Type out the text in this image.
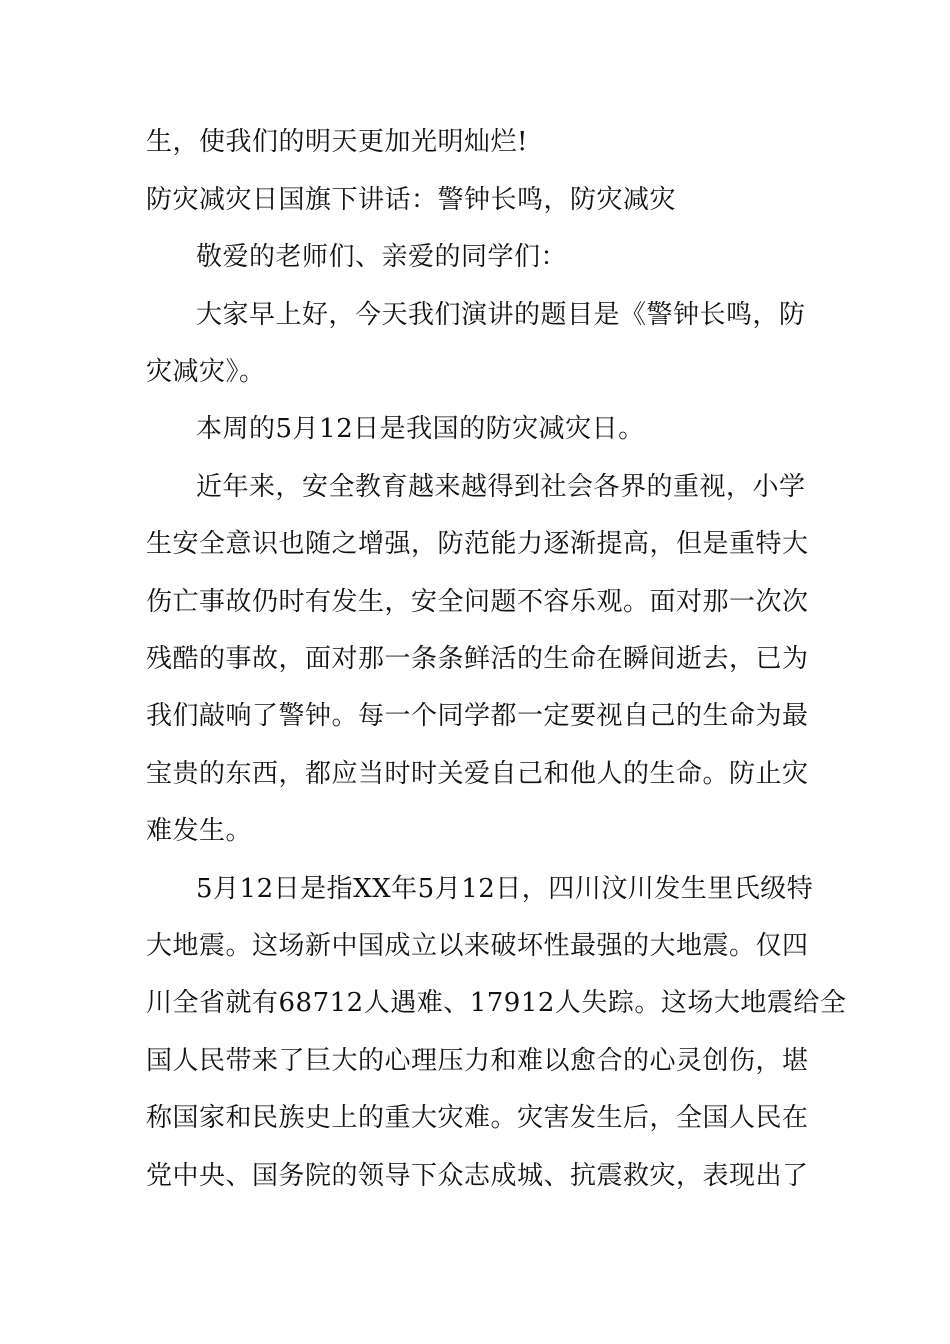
生，使我们的明天更加光明灿烂!
防灾减灾日国旗下讲话：警钟长鸣，防灾减灾
敬爱的老师们、亲爱的同学们：
大家早上好，今天我们演讲的题目是《警钟长鸣，防
灾减灾》。
本周的5月12日是我国的防灾减灾日。
近年来，安全教育越来越得到社会各界的重视，小学
生安全意识也随之增强，防范能力逐渐提高，但是重特大
伤亡事故仍时有发生，安全问题不容乐观。面对那一次次
残酷的事故，面对那一条条鲜活的生命在瞬间逝去，已为
我们敲响了警钟。每一个同学都一定要视自己的生命为最
宝贵的东西，都应当时时关爱自己和他人的生命。防止灾
难发生。
5月12日是指XX年5月12日，四川汶川发生里氏级特
大地震。这场新中国成立以来破坏性最强的大地震。仅四
川全省就有68712人遇难、17912人失踪。这场大地震给全
国人民带来了巨大的心理压力和难以愈合的心灵创伤，堪
称国家和民族史上的重大灾难。灾害发生后，全国人民在
党中央、国务院的领导下众志成城、抗震救灾，表现出了
